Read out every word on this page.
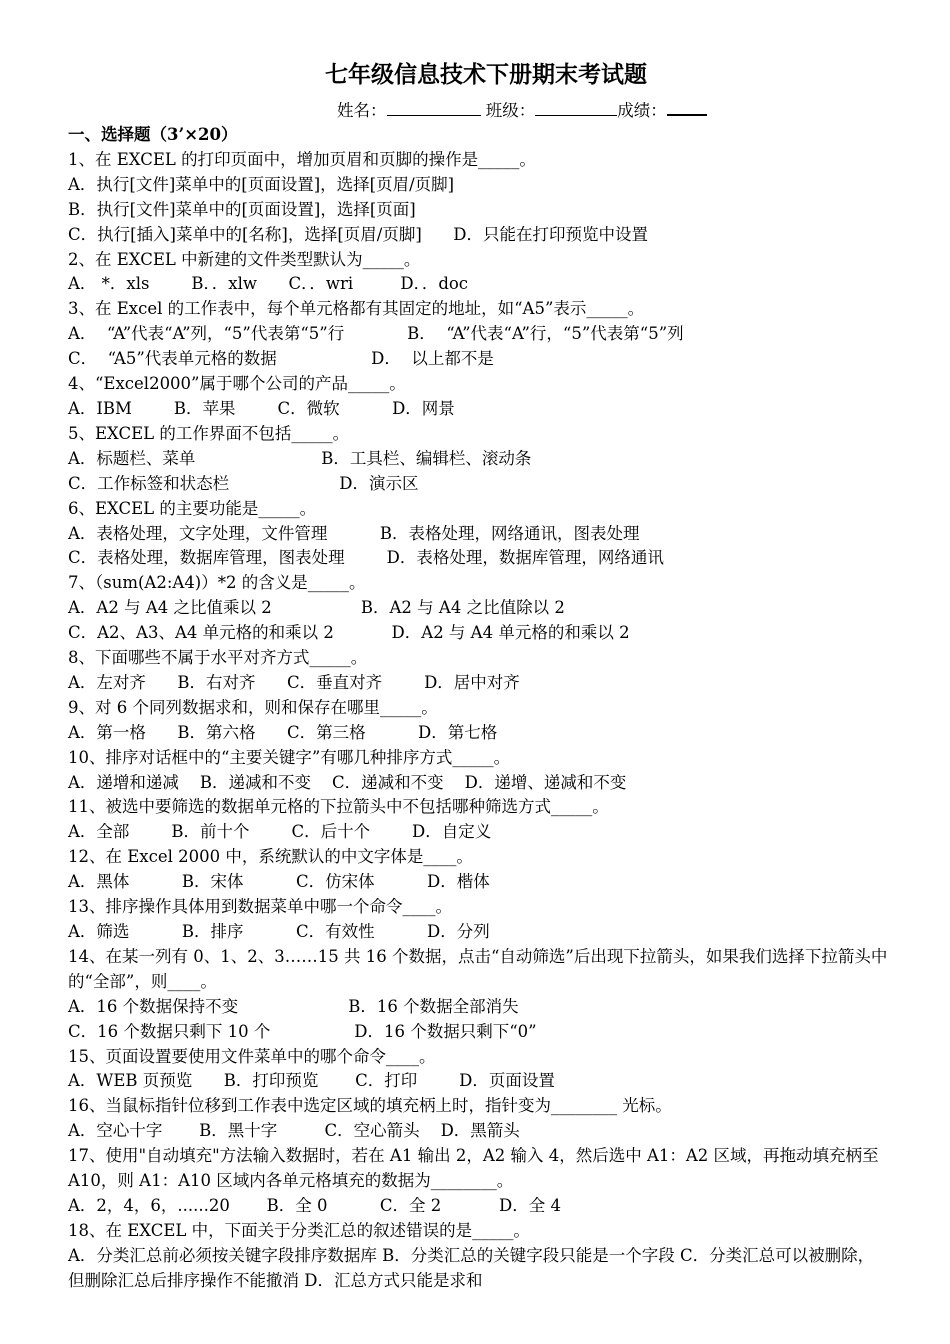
七年级信息技术下册期末考试题
姓名：	班级：	成绩：
一、选择题（3’×20）
1、在 EXCEL 的打印页面中，增加页眉和页脚的操作是_____。
A．执行[文件]菜单中的[页面设置]，选择[页眉/页脚]
B．执行[文件]菜单中的[页面设置]，选择[页面]
C．执行[插入]菜单中的[名称]，选择[页眉/页脚]      D．只能在打印预览中设置
2、在 EXCEL 中新建的文件类型默认为_____。
A． *．xls        B．．xlw      C．．wri         D．．doc
3、在 Excel 的工作表中，每个单元格都有其固定的地址，如“A5”表示_____。
A．  “A”代表“A”列，“5”代表第“5”行            B．  “A”代表“A”行，“5”代表第“5”列
C．  “A5”代表单元格的数据                  D．  以上都不是
4、“Excel2000”属于哪个公司的产品_____。
A．IBM        B．苹果        C．微软          D．网景
5、EXCEL 的工作界面不包括_____。
A．标题栏、菜单                        B．工具栏、编辑栏、滚动条
C．工作标签和状态栏                     D．演示区
6、EXCEL 的主要功能是_____。
A．表格处理，文字处理，文件管理          B．表格处理，网络通讯，图表处理
C．表格处理，数据库管理，图表处理        D．表格处理，数据库管理，网络通讯
7、（sum(A2:A4)）*2 的含义是_____。
A．A2 与 A4 之比值乘以 2                 B．A2 与 A4 之比值除以 2
C．A2、A3、A4 单元格的和乘以 2           D．A2 与 A4 单元格的和乘以 2
8、下面哪些不属于水平对齐方式_____。
A．左对齐      B．右对齐      C．垂直对齐        D．居中对齐
9、对 6 个同列数据求和，则和保存在哪里_____。
A．第一格      B．第六格      C．第三格          D．第七格
10、排序对话框中的“主要关键字”有哪几种排序方式_____。
A．递增和递减    B．递减和不变    C．递减和不变    D．递增、递减和不变
11、被选中要筛选的数据单元格的下拉箭头中不包括哪种筛选方式_____。
A．全部        B．前十个        C．后十个        D．自定义
12、在 Excel 2000 中，系统默认的中文字体是____。
A．黑体          B．宋体          C．仿宋体          D．楷体
13、排序操作具体用到数据菜单中哪一个命令____。
A．筛选          B．排序          C．有效性          D．分列
14、在某一列有 0、1、2、3……15 共 16 个数据，点击“自动筛选”后出现下拉箭头，如果我们选择下拉箭头中的“全部”，则____。
A．16 个数据保持不变                     B．16 个数据全部消失
C．16 个数据只剩下 10 个                D．16 个数据只剩下“0”
15、页面设置要使用文件菜单中的哪个命令____。
A．WEB 页预览      B．打印预览       C．打印        D．页面设置
16、当鼠标指针位移到工作表中选定区域的填充柄上时，指针变为________ 光标。
A．空心十字       B．黑十字         C．空心箭头    D．黑箭头
17、使用"自动填充"方法输入数据时，若在 A1 输出 2，A2 输入 4，然后选中 A1：A2 区域，再拖动填充柄至 A10，则 A1：A10 区域内各单元格填充的数据为________。
A．2，4，6，......20       B．全 0          C．全 2           D．全 4
18、在 EXCEL 中，下面关于分类汇总的叙述错误的是_____。
A．分类汇总前必须按关键字段排序数据库 B．分类汇总的关键字段只能是一个字段 C．分类汇总可以被删除，但删除汇总后排序操作不能撤消 D．汇总方式只能是求和
